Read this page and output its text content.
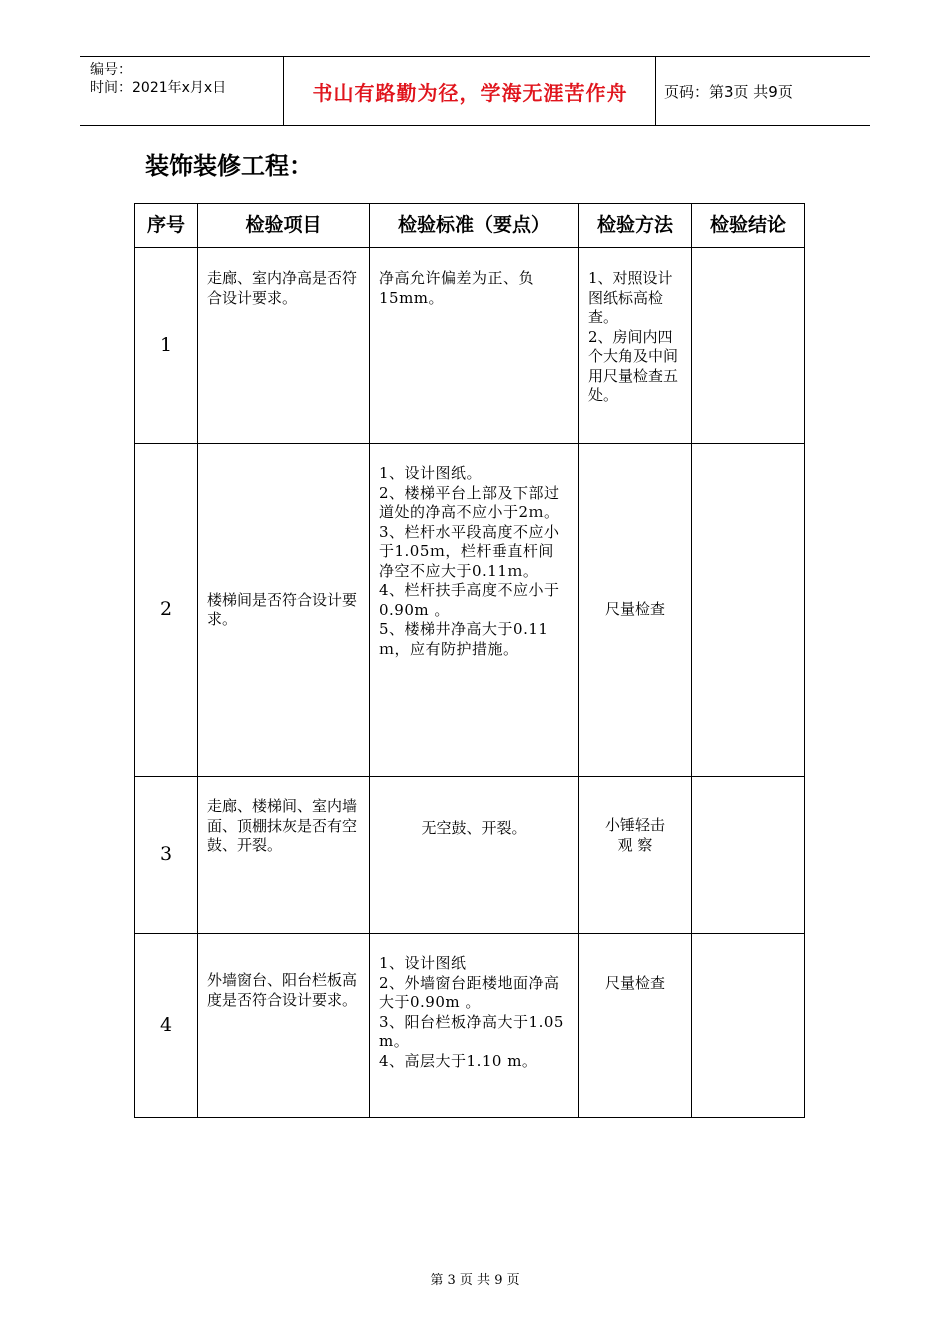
编号：
时间：2021年x月x日	书山有路勤为径，学海无涯苦作舟	页码：第3页 共9页
装饰装修工程：
序号	检验项目	检验标准（要点）	检验方法	检验结论
1	走廊、室内净高是否符合设计要求。	净高允许偏差为正、负15mm。	1、对照设计图纸标高检查。
2、房间内四个大角及中间用尺量检查五处。	

2	楼梯间是否符合设计要求。	1、设计图纸。
2、楼梯平台上部及下部过道处的净高不应小于2ｍ。
3、栏杆水平段高度不应小于1.05ｍ，栏杆垂直杆间净空不应大于0.11ｍ。
4、栏杆扶手高度不应小于0.90m 。
5、楼梯井净高大于0.11ｍ，应有防护措施。	尺量检查	

3	走廊、楼梯间、室内墙面、顶棚抹灰是否有空鼓、开裂。	无空鼓、开裂。	小锤轻击
观 察	

4	外墙窗台、阳台栏板高度是否符合设计要求。	1、设计图纸
2、外墙窗台距楼地面净高大于0.90m 。
3、阳台栏板净高大于1.05 m。
4、高层大于1.10 m。	尺量检查	

第 3 页 共 9 页
